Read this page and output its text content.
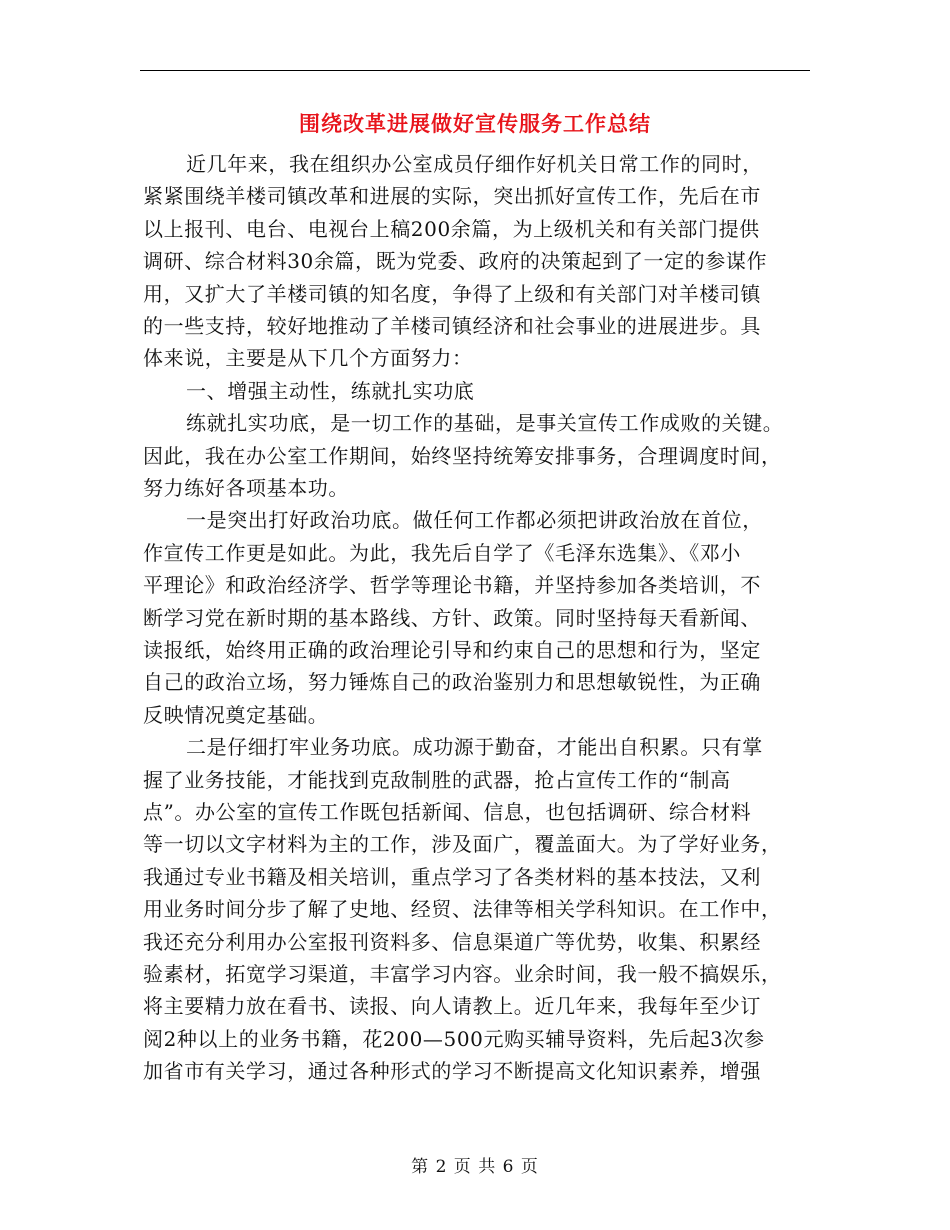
围绕改革进展做好宣传服务工作总结
近几年来，我在组织办公室成员仔细作好机关日常工作的同时，
紧紧围绕羊楼司镇改革和进展的实际，突出抓好宣传工作，先后在市
以上报刊、电台、电视台上稿200余篇，为上级机关和有关部门提供
调研、综合材料30余篇，既为党委、政府的决策起到了一定的参谋作
用，又扩大了羊楼司镇的知名度，争得了上级和有关部门对羊楼司镇
的一些支持，较好地推动了羊楼司镇经济和社会事业的进展进步。具
体来说，主要是从下几个方面努力：
一、增强主动性，练就扎实功底
练就扎实功底，是一切工作的基础，是事关宣传工作成败的关键。
因此，我在办公室工作期间，始终坚持统筹安排事务，合理调度时间，
努力练好各项基本功。
一是突出打好政治功底。做任何工作都必须把讲政治放在首位，
作宣传工作更是如此。为此，我先后自学了《毛泽东选集》、《邓小
平理论》和政治经济学、哲学等理论书籍，并坚持参加各类培训，不
断学习党在新时期的基本路线、方针、政策。同时坚持每天看新闻、
读报纸，始终用正确的政治理论引导和约束自己的思想和行为，坚定
自己的政治立场，努力锤炼自己的政治鉴别力和思想敏锐性，为正确
反映情况奠定基础。
二是仔细打牢业务功底。成功源于勤奋，才能出自积累。只有掌
握了业务技能，才能找到克敌制胜的武器，抢占宣传工作的“制高
点”。办公室的宣传工作既包括新闻、信息，也包括调研、综合材料
等一切以文字材料为主的工作，涉及面广，覆盖面大。为了学好业务，
我通过专业书籍及相关培训，重点学习了各类材料的基本技法，又利
用业务时间分步了解了史地、经贸、法律等相关学科知识。在工作中，
我还充分利用办公室报刊资料多、信息渠道广等优势，收集、积累经
验素材，拓宽学习渠道，丰富学习内容。业余时间，我一般不搞娱乐，
将主要精力放在看书、读报、向人请教上。近几年来，我每年至少订
阅2种以上的业务书籍，花200—500元购买辅导资料，先后起3次参
加省市有关学习，通过各种形式的学习不断提高文化知识素养，增强
第 2 页 共 6 页
